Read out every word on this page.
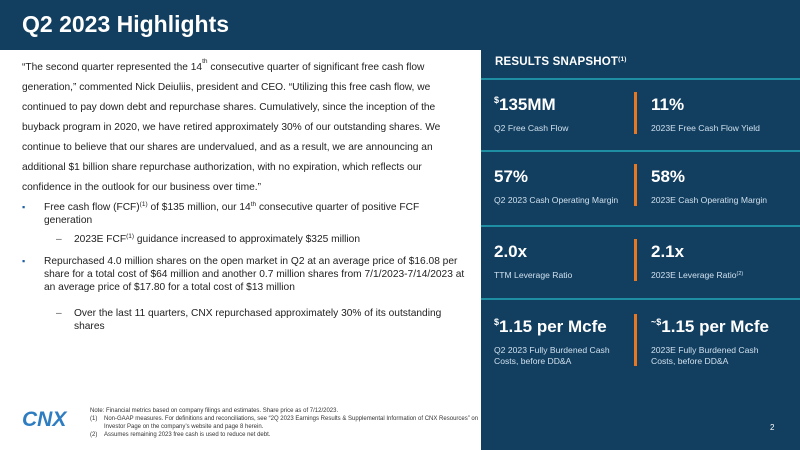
Q2 2023 Highlights
“The second quarter represented the 14th consecutive quarter of significant free cash flow generation,” commented Nick Deiuliis, president and CEO. “Utilizing this free cash flow, we continued to pay down debt and repurchase shares. Cumulatively, since the inception of the buyback program in 2020, we have retired approximately 30% of our outstanding shares. We continue to believe that our shares are undervalued, and as a result, we are announcing an additional $1 billion share repurchase authorization, with no expiration, which reflects our confidence in the outlook for our business over time.”
▪ Free cash flow (FCF)$^{(1)}$ of $135 million, our 14th consecutive quarter of positive FCF generation
– 2023E FCF$^{(1)}$ guidance increased to approximately $325 million
▪ Repurchased 4.0 million shares on the open market in Q2 at an average price of $16.08 per share for a total cost of $64 million and another 0.7 million shares from 7/1/2023-7/14/2023 at an average price of $17.80 for a total cost of $13 million
– Over the last 11 quarters, CNX repurchased approximately 30% of its outstanding shares
CNX	Note: Financial metrics based on company filings and estimates. Share price as of 7/12/2023.
(1)	Non-GAAP measures. For definitions and reconciliations, see “2Q 2023 Earnings Results & Supplemental Information of CNX Resources” on Investor Page on the company’s website and page 8 herein.
(2)	Assumes remaining 2023 free cash is used to reduce net debt.
RESULTS SNAPSHOT$^{(1)}$
$135MM
Q2 Free Cash Flow
11%
2023E Free Cash Flow Yield
57%
Q2 2023 Cash Operating Margin
58%
2023E Cash Operating Margin
2.0x
TTM Leverage Ratio
2.1x
2023E Leverage Ratio$^{(2)}$
$1.15 per Mcfe
Q2 2023 Fully Burdened Cash Costs, before DD&A
~$1.15 per Mcfe
2023E Fully Burdened Cash Costs, before DD&A
2
